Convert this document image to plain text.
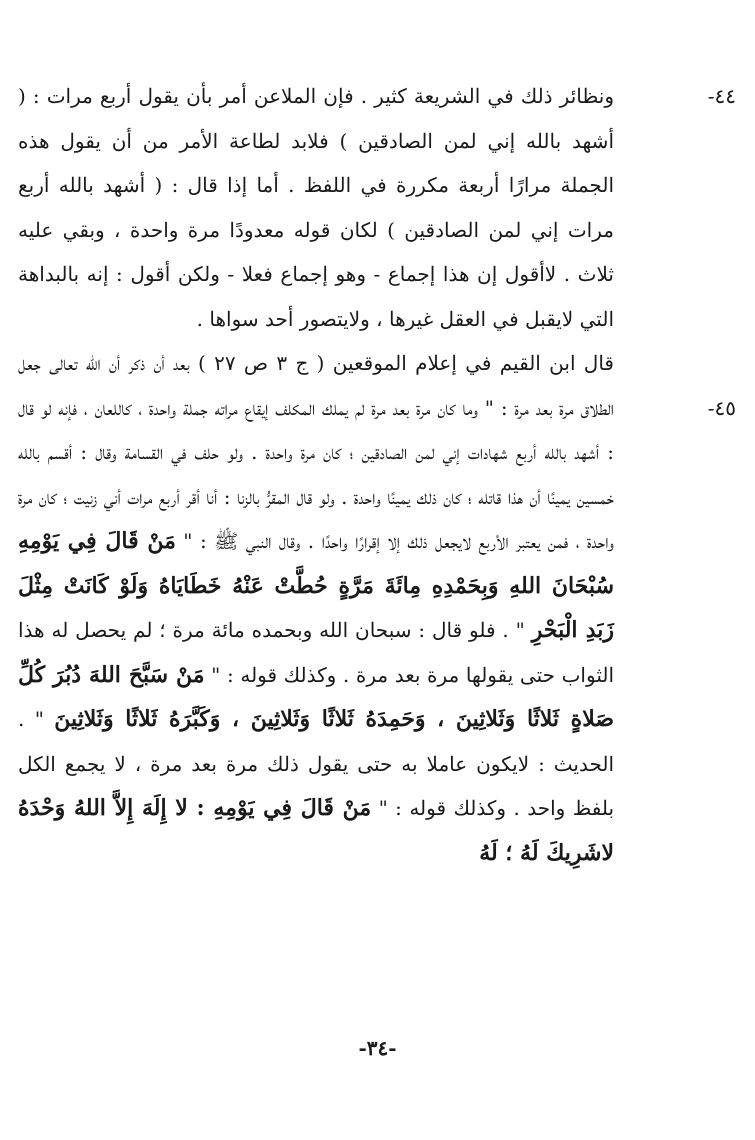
٤٤-
٤٥-

ونظائر ذلك في الشريعة كثير . فإن الملاعن أمر بأن يقول أربع مرات : ( أشهد بالله إني لمن الصادقين ) فلابد لطاعة الأمر من أن يقول هذه الجملة مرارًا أربعة مكررة في اللفظ . أما إذا قال : ( أشهد بالله أربع مرات إني لمن الصادقين ) لكان قوله معدودًا مرة واحدة ، وبقي عليه ثلاث . لاأقول إن هذا إجماع - وهو إجماع فعلا - ولكن أقول : إنه بالبداهة التي لايقبل في العقل غيرها ، ولايتصور أحد سواها .

قال ابن القيم في إعلام الموقعين ( ج ٣ ص ٢٧ ) بعد أن ذكر أن الله تعالى جعل الطلاق مرة بعد مرة : " وما كان مرة بعد مرة لم يملك المكلف إيقاع مراته جملة واحدة ، كاللعان ، فإنه لو قال : أشهد بالله أربع شهادات إني لمن الصادقين ؛ كان مرة واحدة . ولو حلف في القسامة وقال : أقسم بالله خمسين يمينًا أن هذا قاتله ؛ كان ذلك يمينًا واحدة . ولو قال المقرُّ بالزنا : أنا أقر أربع مرات أني زنيت ؛ كان مرة واحدة ، فمن يعتبر الأربع لايجعل ذلك إلا إقرارًا واحدًا . وقال النبي ﷺ : " مَنْ قَالَ فِي يَوْمِهِ سُبْحَانَ اللهِ وَبِحَمْدِهِ مِائَةَ مَرَّةٍ حُطَّتْ عَنْهُ خَطَايَاهُ وَلَوْ كَانَتْ مِثْلَ زَبَدِ الْبَحْرِ " . فلو قال : سبحان الله وبحمده مائة مرة ؛ لم يحصل له هذا الثواب حتى يقولها مرة بعد مرة . وكذلك قوله : " مَنْ سَبَّحَ اللهَ دُبُرَ كُلِّ صَلاةٍ ثَلاثًا وَثَلاثِينَ ، وَحَمِدَهُ ثَلاثًا وَثَلاثِينَ ، وَكَبَّرَهُ ثَلاثًا وَثَلاثِينَ " . الحديث : لايكون عاملا به حتى يقول ذلك مرة بعد مرة ، لا يجمع الكل بلفظ واحد . وكذلك قوله : " مَنْ قَالَ فِي يَوْمِهِ : لا إِلَهَ إِلاَّ اللهُ وَحْدَهُ لاشَرِيكَ لَهُ ؛ لَهُ

-٣٤-
